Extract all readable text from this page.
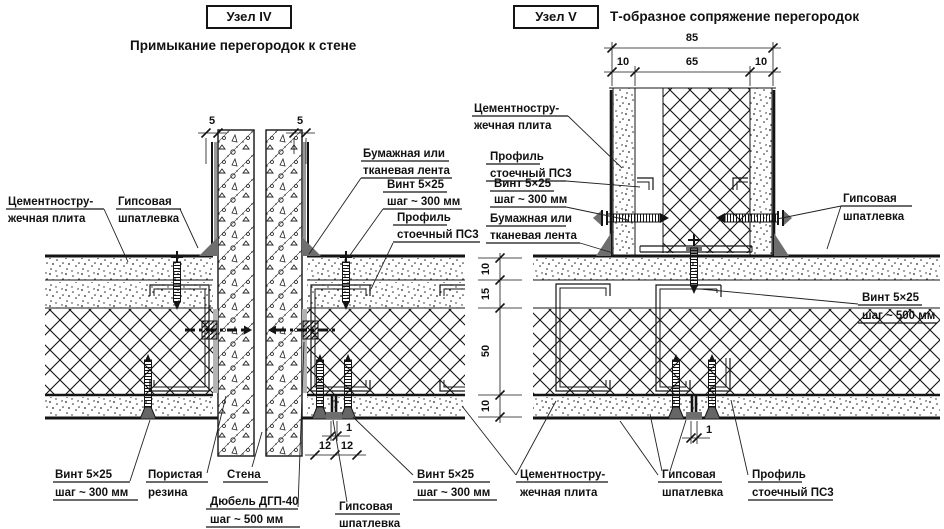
Узел IV
Примыкание перегородок к стене
Узел V Т-образное сопряжение перегородок
5	5
1
12 12
10
15
50
10
85
10	65	10
1
Цементностру-
жечная плита
Гипсовая
шпатлевка
Бумажная или
тканевая лента
Винт 5×25
шаг ~ 300 мм
Профиль
стоечный ПС3
Цементностру-
жечная плита
Профиль
стоечный ПС3
Винт 5×25
шаг ~ 300 мм
Бумажная или
тканевая лента
Гипсовая
шпатлевка
Винт 5×25
шаг ~ 500 мм
Винт 5×25
шаг ~ 300 мм
Пористая
резина
Стена
Дюбель ДГП-40
шаг ~ 500 мм
Гипсовая
шпатлевка
Винт 5×25
шаг ~ 300 мм
Цементностру-
жечная плита
Гипсовая
шпатлевка
Профиль
стоечный ПС3
